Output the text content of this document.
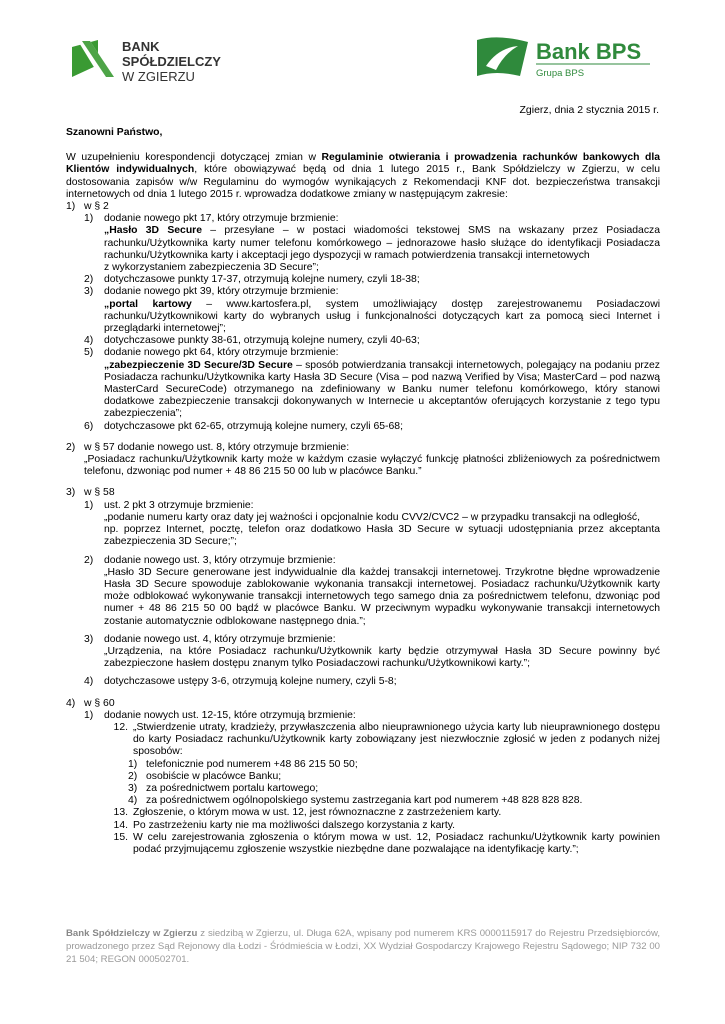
BANK
SPÓŁDZIELCZY
W ZGIERZU
Bank BPS
Grupa BPS
Zgierz, dnia 2 stycznia 2015 r.
Szanowni Państwo,

W uzupełnieniu korespondencji dotyczącej zmian w Regulaminie otwierania i prowadzenia rachunków bankowych dla Klientów indywidualnych, które obowiązywać będą od dnia 1 lutego 2015 r., Bank Spółdzielczy w Zgierzu, w celu dostosowania zapisów w/w Regulaminu do wymogów wynikających z Rekomendacji KNF dot. bezpieczeństwa transakcji internetowych od dnia 1 lutego 2015 r. wprowadza dodatkowe zmiany w następującym zakresie:

1) w § 2
1)	dodanie nowego pkt 17, który otrzymuje brzmienie:
„Hasło 3D Secure – przesyłane – w postaci wiadomości tekstowej SMS na wskazany przez Posiadacza rachunku/Użytkownika karty numer telefonu komórkowego – jednorazowe hasło służące do identyfikacji Posiadacza rachunku/Użytkownika karty i akceptacji jego dyspozycji w ramach potwierdzenia transakcji internetowych
z wykorzystaniem zabezpieczenia 3D Secure”;
2)	dotychczasowe punkty 17-37, otrzymują kolejne numery, czyli 18-38;
3)	dodanie nowego pkt 39, który otrzymuje brzmienie:
„portal kartowy – www.kartosfera.pl, system umożliwiający dostęp zarejestrowanemu Posiadaczowi rachunku/Użytkownikowi karty do wybranych usług i funkcjonalności dotyczących kart za pomocą sieci Internet i przeglądarki internetowej”;
4)	dotychczasowe punkty 38-61, otrzymują kolejne numery, czyli 40-63;
5)	dodanie nowego pkt 64, który otrzymuje brzmienie:
„zabezpieczenie 3D Secure/3D Secure – sposób potwierdzania transakcji internetowych, polegający na podaniu przez Posiadacza rachunku/Użytkownika karty Hasła 3D Secure (Visa – pod nazwą Verified by Visa; MasterCard – pod nazwą MasterCard SecureCode) otrzymanego na zdefiniowany w Banku numer telefonu komórkowego, który stanowi dodatkowe zabezpieczenie transakcji dokonywanych w Internecie u akceptantów oferujących korzystanie z tego typu zabezpieczenia”;
6)	dotychczasowe pkt 62-65, otrzymują kolejne numery, czyli 65-68;
2) w § 57 dodanie nowego ust. 8, który otrzymuje brzmienie:
„Posiadacz rachunku/Użytkownik karty może w każdym czasie wyłączyć funkcję płatności zbliżeniowych za pośrednictwem telefonu, dzwoniąc pod numer + 48 86 215 50 00 lub w placówce Banku.”
3) w § 58
1)	ust. 2 pkt 3 otrzymuje brzmienie:
„podanie numeru karty oraz daty jej ważności i opcjonalnie kodu CVV2/CVC2 – w przypadku transakcji na odległość,
np. poprzez Internet, pocztę, telefon oraz dodatkowo Hasła 3D Secure w sytuacji udostępniania przez akceptanta zabezpieczenia 3D Secure;”;
2)	dodanie nowego ust. 3, który otrzymuje brzmienie:
„Hasło 3D Secure generowane jest indywidualnie dla każdej transakcji internetowej. Trzykrotne błędne wprowadzenie Hasła 3D Secure spowoduje zablokowanie wykonania transakcji internetowej. Posiadacz rachunku/Użytkownik karty może odblokować wykonywanie transakcji internetowych tego samego dnia za pośrednictwem telefonu, dzwoniąc pod numer + 48 86 215 50 00 bądź w placówce Banku. W przeciwnym wypadku wykonywanie transakcji internetowych zostanie automatycznie odblokowane następnego dnia.”;
3)	dodanie nowego ust. 4, który otrzymuje brzmienie:
„Urządzenia, na które Posiadacz rachunku/Użytkownik karty będzie otrzymywał Hasła 3D Secure powinny być zabezpieczone hasłem dostępu znanym tylko Posiadaczowi rachunku/Użytkownikowi karty.”;
4)	dotychczasowe ustępy 3-6, otrzymują kolejne numery, czyli 5-8;
4) w § 60
1)	dodanie nowych ust. 12-15, które otrzymują brzmienie:
12. „Stwierdzenie utraty, kradzieży, przywłaszczenia albo nieuprawnionego użycia karty lub nieuprawnionego dostępu do karty Posiadacz rachunku/Użytkownik karty zobowiązany jest niezwłocznie zgłosić w jeden z podanych niżej sposobów:
1) telefonicznie pod numerem +48 86 215 50 50;
2) osobiście w placówce Banku;
3) za pośrednictwem portalu kartowego;
4) za pośrednictwem ogólnopolskiego systemu zastrzegania kart pod numerem +48 828 828 828.
13. Zgłoszenie, o którym mowa w ust. 12, jest równoznaczne z zastrzeżeniem karty.
14. Po zastrzeżeniu karty nie ma możliwości dalszego korzystania z karty.
15. W celu zarejestrowania zgłoszenia o którym mowa w ust. 12, Posiadacz rachunku/Użytkownik karty powinien podać przyjmującemu zgłoszenie wszystkie niezbędne dane pozwalające na identyfikację karty.”;
Bank Spółdzielczy w Zgierzu z siedzibą w Zgierzu, ul. Długa 62A, wpisany pod numerem KRS 0000115917 do Rejestru Przedsiębiorców, prowadzonego przez Sąd Rejonowy dla Łodzi - Śródmieścia w Łodzi, XX Wydział Gospodarczy Krajowego Rejestru Sądowego; NIP 732 00 21 504; REGON 000502701.
